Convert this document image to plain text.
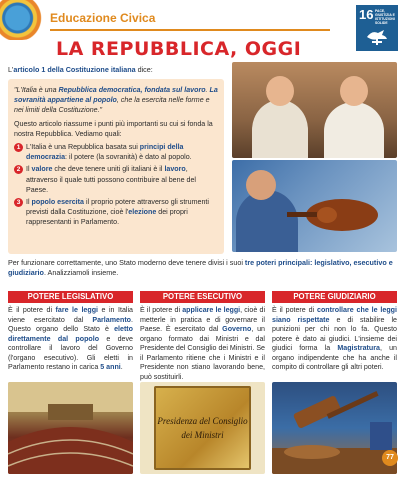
Educazione Civica	16 PACE, GIUSTIZIA E ISTITUZIONI SOLIDE
LA REPUBBLICA, OGGI
L'articolo 1 della Costituzione italiana dice:

"L'Italia è una Repubblica democratica, fondata sul lavoro. La sovranità appartiene al popolo, che la esercita nelle forme e nei limiti della Costituzione."

Questo articolo riassume i punti più importanti su cui si fonda la nostra Repubblica. Vediamo quali:

1 L'Italia è una Repubblica basata sui principi della democrazia: il potere (la sovranità) è dato al popolo.
2 Il valore che deve tenere uniti gli italiani è il lavoro, attraverso il quale tutti possono contribuire al bene del Paese.
3 Il popolo esercita il proprio potere attraverso gli strumenti previsti dalla Costituzione, cioè l'elezione dei propri rappresentanti in Parlamento.
Per funzionare correttamente, uno Stato moderno deve tenere divisi i suoi tre poteri principali: legislativo, esecutivo e giudiziario. Analizziamoli insieme.
POTERE LEGISLATIVO	POTERE ESECUTIVO	POTERE GIUDIZIARIO
È il potere di fare le leggi e in Italia viene esercitato dal Parlamento. Questo organo dello Stato è eletto direttamente dal popolo e deve controllare il lavoro del Governo (l'organo esecutivo). Gli eletti in Parlamento restano in carica 5 anni.
È il potere di applicare le leggi, cioè di metterle in pratica e di governare il Paese. È esercitato dal Governo, un organo formato dai Ministri e dal Presidente del Consiglio dei Ministri. Se il Parlamento ritiene che i Ministri e il Presidente non stiano lavorando bene, può sostituirli.
È il potere di controllare che le leggi siano rispettate e di stabilire le punizioni per chi non lo fa. Questo potere è dato ai giudici. L'insieme dei giudici forma la Magistratura, un organo indipendente che ha anche il compito di controllare gli altri poteri.
Presidenza del Consiglio
dei Ministri
77
